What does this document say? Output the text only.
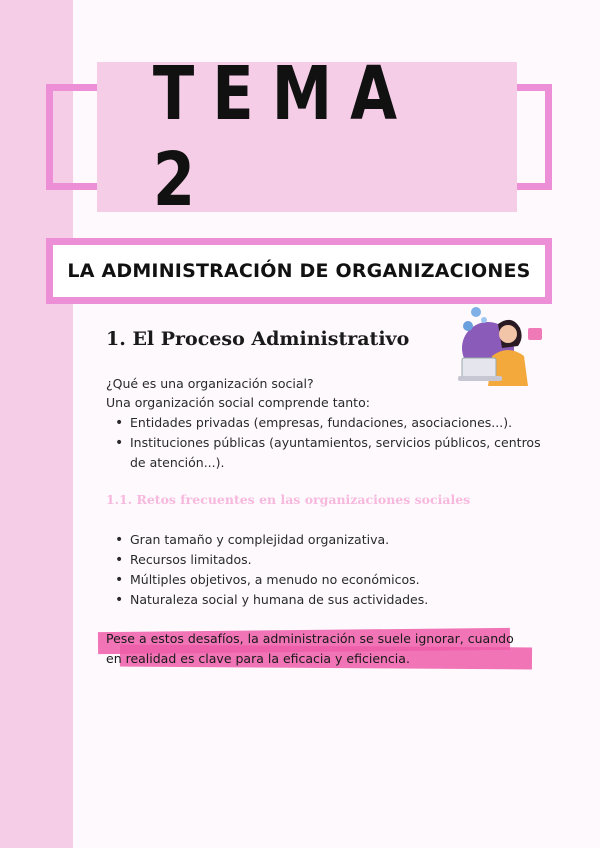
TEMA 2
LA ADMINISTRACIÓN DE ORGANIZACIONES
1. El Proceso Administrativo
¿Qué es una organización social?
Una organización social comprende tanto:
• Entidades privadas (empresas, fundaciones, asociaciones...).
• Instituciones públicas (ayuntamientos, servicios públicos, centros de atención...).
1.1. Retos frecuentes en las organizaciones sociales
• Gran tamaño y complejidad organizativa.
• Recursos limitados.
• Múltiples objetivos, a menudo no económicos.
• Naturaleza social y humana de sus actividades.
Pese a estos desafíos, la administración se suele ignorar, cuando en realidad es clave para la eficacia y eficiencia.
